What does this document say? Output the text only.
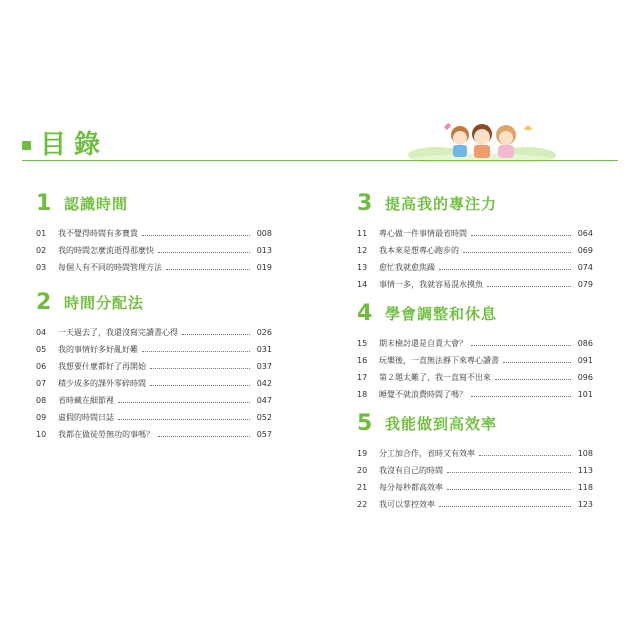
目錄
1 認識時間
01	我不覺得時間有多寶貴	008
02	我的時間怎麼流逝得那麼快	013
03	每個人有不同的時間管理方法	019
2 時間分配法
04	一天過去了，我還沒寫完讀書心得	026
05	我的事情好多好亂好難	031
06	我想要什麼都好了再開始	037
07	積少成多的課外零碎時間	042
08	省時藏在細節裡	047
09	虛假的時間日誌	052
10	我都在做徒勞無功的事嗎？	057
3 提高我的專注力
11	專心做一件事情最省時間	064
12	我本來是想專心跑步的	069
13	愈忙我就愈焦躁	074
14	事情一多，我就容易混水摸魚	079
4 學會調整和休息
15	期末檢討還是自責大會？	086
16	玩樂後，一直無法靜下來專心讀書	091
17	第２題太難了，我一直寫不出來	096
18	睡覺不就浪費時間了嗎？	101
5 我能做到高效率
19	分工加合作，省時又有效率	108
20	我沒有自己的時間	113
21	每分每秒都高效率	118
22	我可以掌控效率	123
